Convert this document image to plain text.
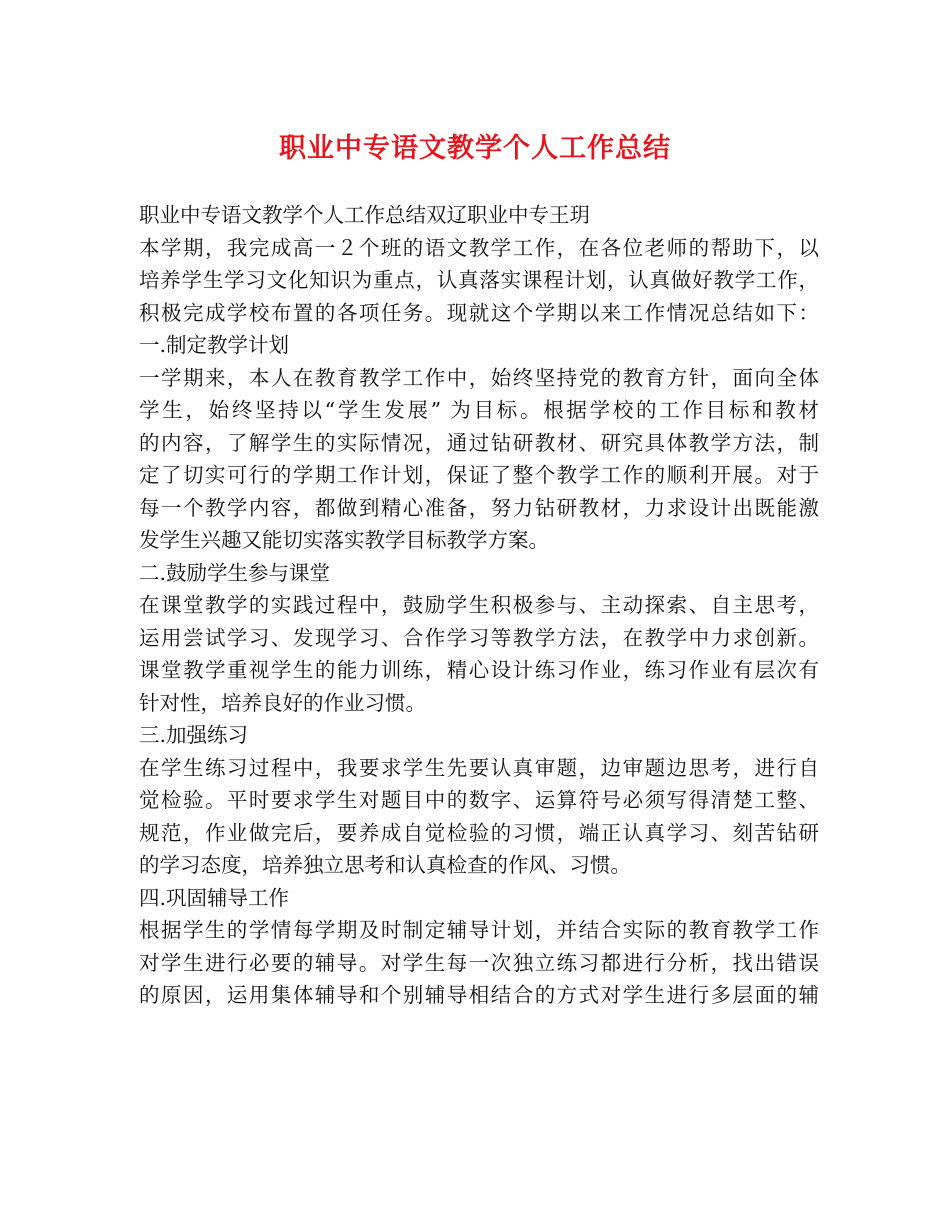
职业中专语文教学个人工作总结
职业中专语文教学个人工作总结双辽职业中专王玥
本学期，我完成高一２个班的语文教学工作，在各位老师的帮助下，以
培养学生学习文化知识为重点，认真落实课程计划，认真做好教学工作，
积极完成学校布置的各项任务。现就这个学期以来工作情况总结如下：
一.制定教学计划
一学期来，本人在教育教学工作中，始终坚持党的教育方针，面向全体
学生，始终坚持以“学生发展” 为目标。根据学校的工作目标和教材
的内容，了解学生的实际情况，通过钻研教材、研究具体教学方法，制
定了切实可行的学期工作计划，保证了整个教学工作的顺利开展。对于
每一个教学内容，都做到精心准备，努力钻研教材，力求设计出既能激
发学生兴趣又能切实落实教学目标教学方案。
二.鼓励学生参与课堂
在课堂教学的实践过程中，鼓励学生积极参与、主动探索、自主思考，
运用尝试学习、发现学习、合作学习等教学方法，在教学中力求创新。
课堂教学重视学生的能力训练，精心设计练习作业，练习作业有层次有
针对性，培养良好的作业习惯。
三.加强练习
在学生练习过程中，我要求学生先要认真审题，边审题边思考，进行自
觉检验。平时要求学生对题目中的数字、运算符号必须写得清楚工整、
规范，作业做完后，要养成自觉检验的习惯，端正认真学习、刻苦钻研
的学习态度，培养独立思考和认真检查的作风、习惯。
四.巩固辅导工作
根据学生的学情每学期及时制定辅导计划，并结合实际的教育教学工作
对学生进行必要的辅导。对学生每一次独立练习都进行分析，找出错误
的原因，运用集体辅导和个别辅导相结合的方式对学生进行多层面的辅
